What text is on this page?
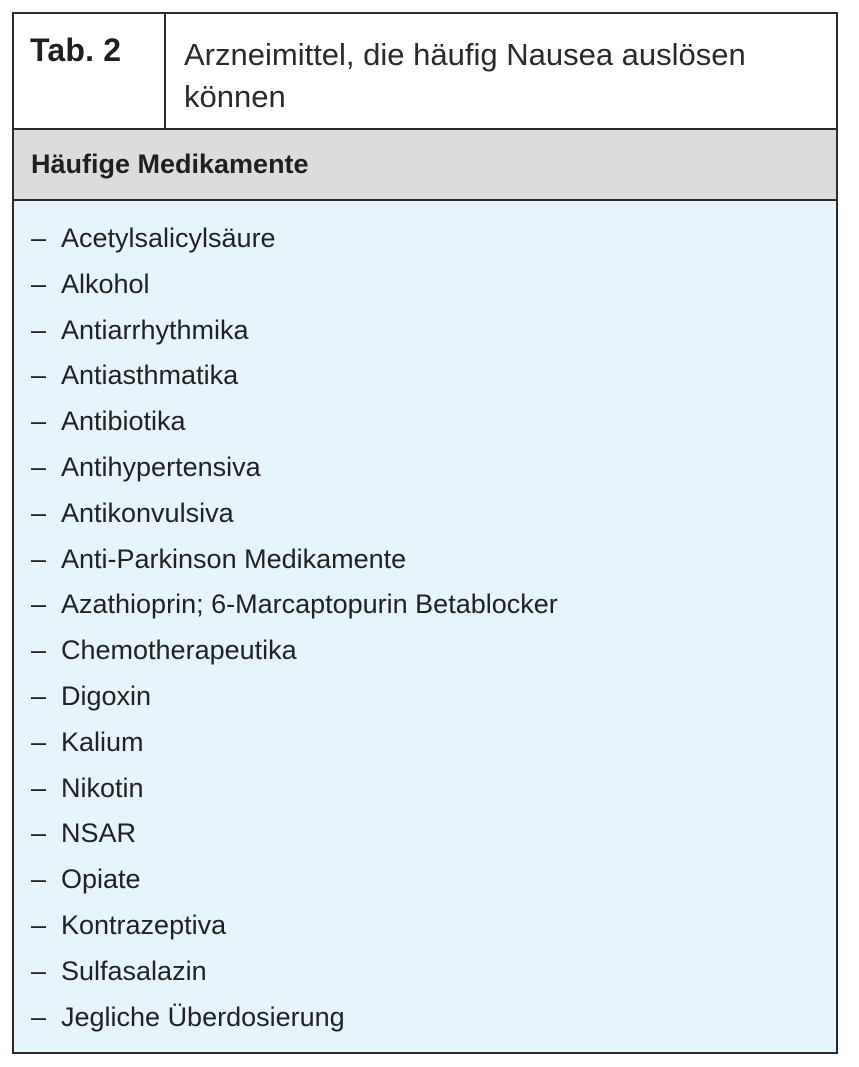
Tab. 2 Arzneimittel, die häufig Nausea auslösen können
Häufige Medikamente
– Acetylsalicylsäure
– Alkohol
– Antiarrhythmika
– Antiasthmatika
– Antibiotika
– Antihypertensiva
– Antikonvulsiva
– Anti-Parkinson Medikamente
– Azathioprin; 6-Marcaptopurin Betablocker
– Chemotherapeutika
– Digoxin
– Kalium
– Nikotin
– NSAR
– Opiate
– Kontrazeptiva
– Sulfasalazin
– Jegliche Überdosierung
